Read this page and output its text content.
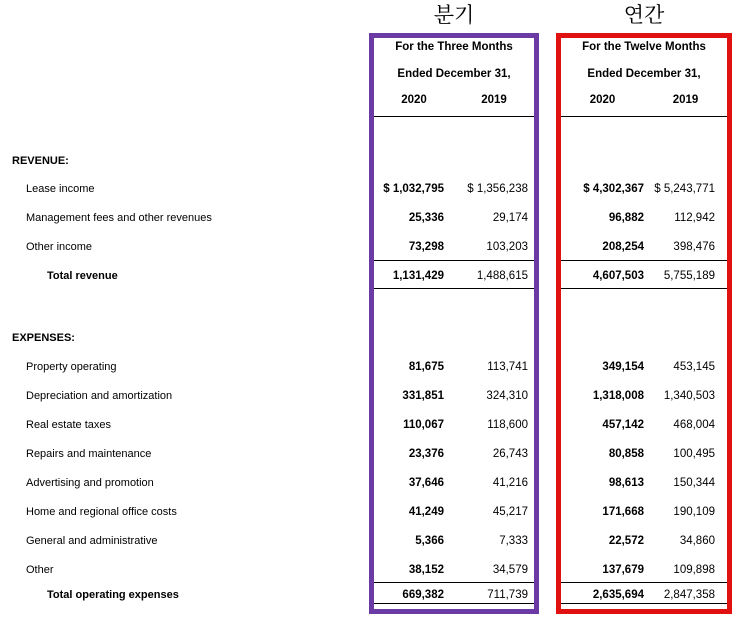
분기	연간
For the Three Months
Ended December 31,
2020	2019
For the Twelve Months
Ended December 31,
2020	2019
REVENUE:
Lease income	$ 1,032,795	$ 1,356,238	$ 4,302,367 $ 5,243,771
Management fees and other revenues	25,336	29,174	96,882	112,942
Other income	73,298	103,203	208,254	398,476
Total revenue	1,131,429	1,488,615	4,607,503	5,755,189
EXPENSES:
Property operating	81,675	113,741	349,154	453,145
Depreciation and amortization	331,851	324,310	1,318,008	1,340,503
Real estate taxes	110,067	118,600	457,142	468,004
Repairs and maintenance	23,376	26,743	80,858	100,495
Advertising and promotion	37,646	41,216	98,613	150,344
Home and regional office costs	41,249	45,217	171,668	190,109
General and administrative	5,366	7,333	22,572	34,860
Other	38,152	34,579	137,679	109,898
Total operating expenses	669,382	711,739	2,635,694	2,847,358
